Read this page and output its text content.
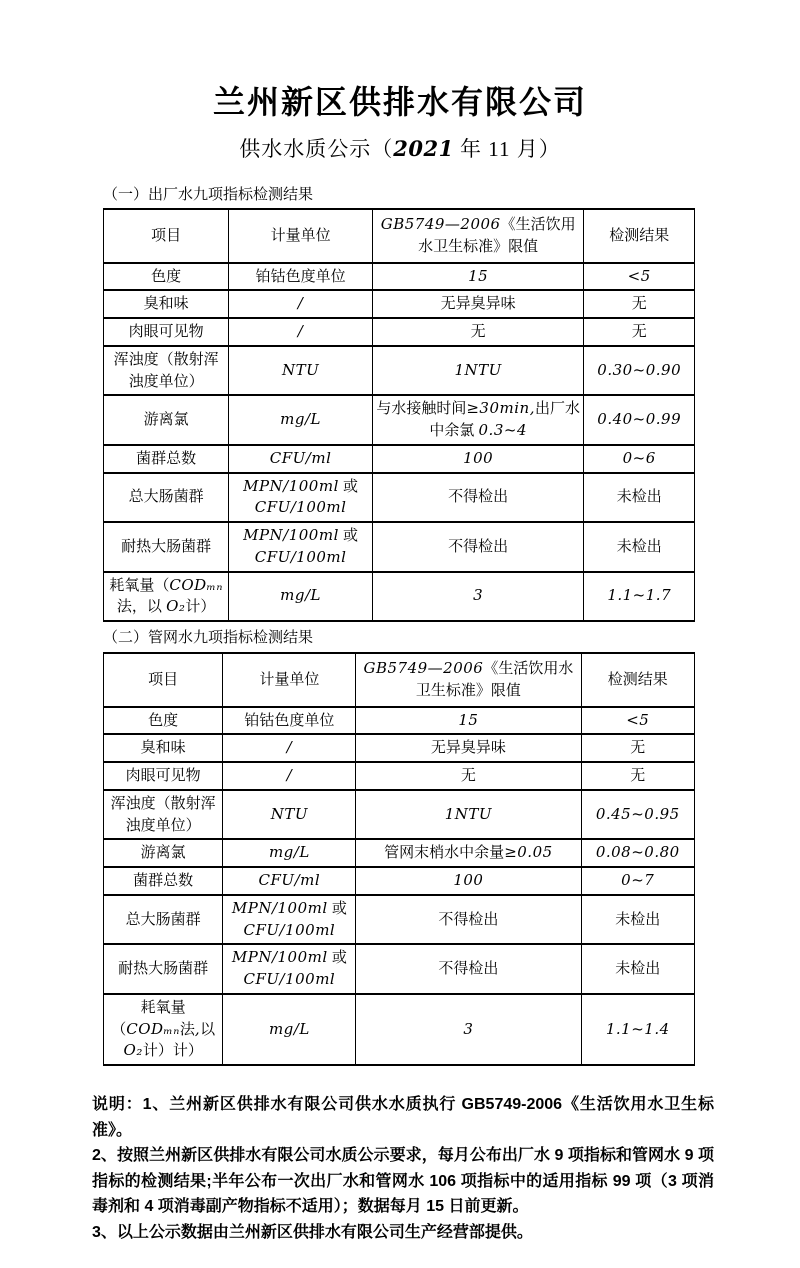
兰州新区供排水有限公司
供水水质公示（2021 年 11 月）
（一）出厂水九项指标检测结果
项目	计量单位	GB5749—2006《生活饮用水卫生标准》限值	检测结果
色度	铂钴色度单位	15	<5
臭和味	/	无异臭异味	无
肉眼可见物	/	无	无
浑浊度（散射浑浊度单位）	NTU	1NTU	0.30~0.90
游离氯	mg/L	与水接触时间≥30min,出厂水中余氯 0.3~4	0.40~0.99
菌群总数	CFU/ml	100	0~6
总大肠菌群	MPN/100ml 或 CFU/100ml	不得检出	未检出
耐热大肠菌群	MPN/100ml 或 CFU/100ml	不得检出	未检出
耗氧量（CODₘₙ法，以 O₂计）	mg/L	3	1.1~1.7
（二）管网水九项指标检测结果
项目	计量单位	GB5749—2006《生活饮用水卫生标准》限值	检测结果
色度	铂钴色度单位	15	<5
臭和味	/	无异臭异味	无
肉眼可见物	/	无	无
浑浊度（散射浑浊度单位）	NTU	1NTU	0.45~0.95
游离氯	mg/L	管网末梢水中余量≥0.05	0.08~0.80
菌群总数	CFU/ml	100	0~7
总大肠菌群	MPN/100ml 或 CFU/100ml	不得检出	未检出
耐热大肠菌群	MPN/100ml 或 CFU/100ml	不得检出	未检出
耗氧量（CODₘₙ法,以 O₂计）计）	mg/L	3	1.1~1.4

说明：1、兰州新区供排水有限公司供水水质执行 GB5749-2006《生活饮用水卫生标准》。

2、按照兰州新区供排水有限公司水质公示要求，每月公布出厂水 9 项指标和管网水 9 项指标的检测结果;半年公布一次出厂水和管网水 106 项指标中的适用指标 99 项（3 项消毒剂和 4 项消毒副产物指标不适用）；数据每月 15 日前更新。

3、以上公示数据由兰州新区供排水有限公司生产经营部提供。
